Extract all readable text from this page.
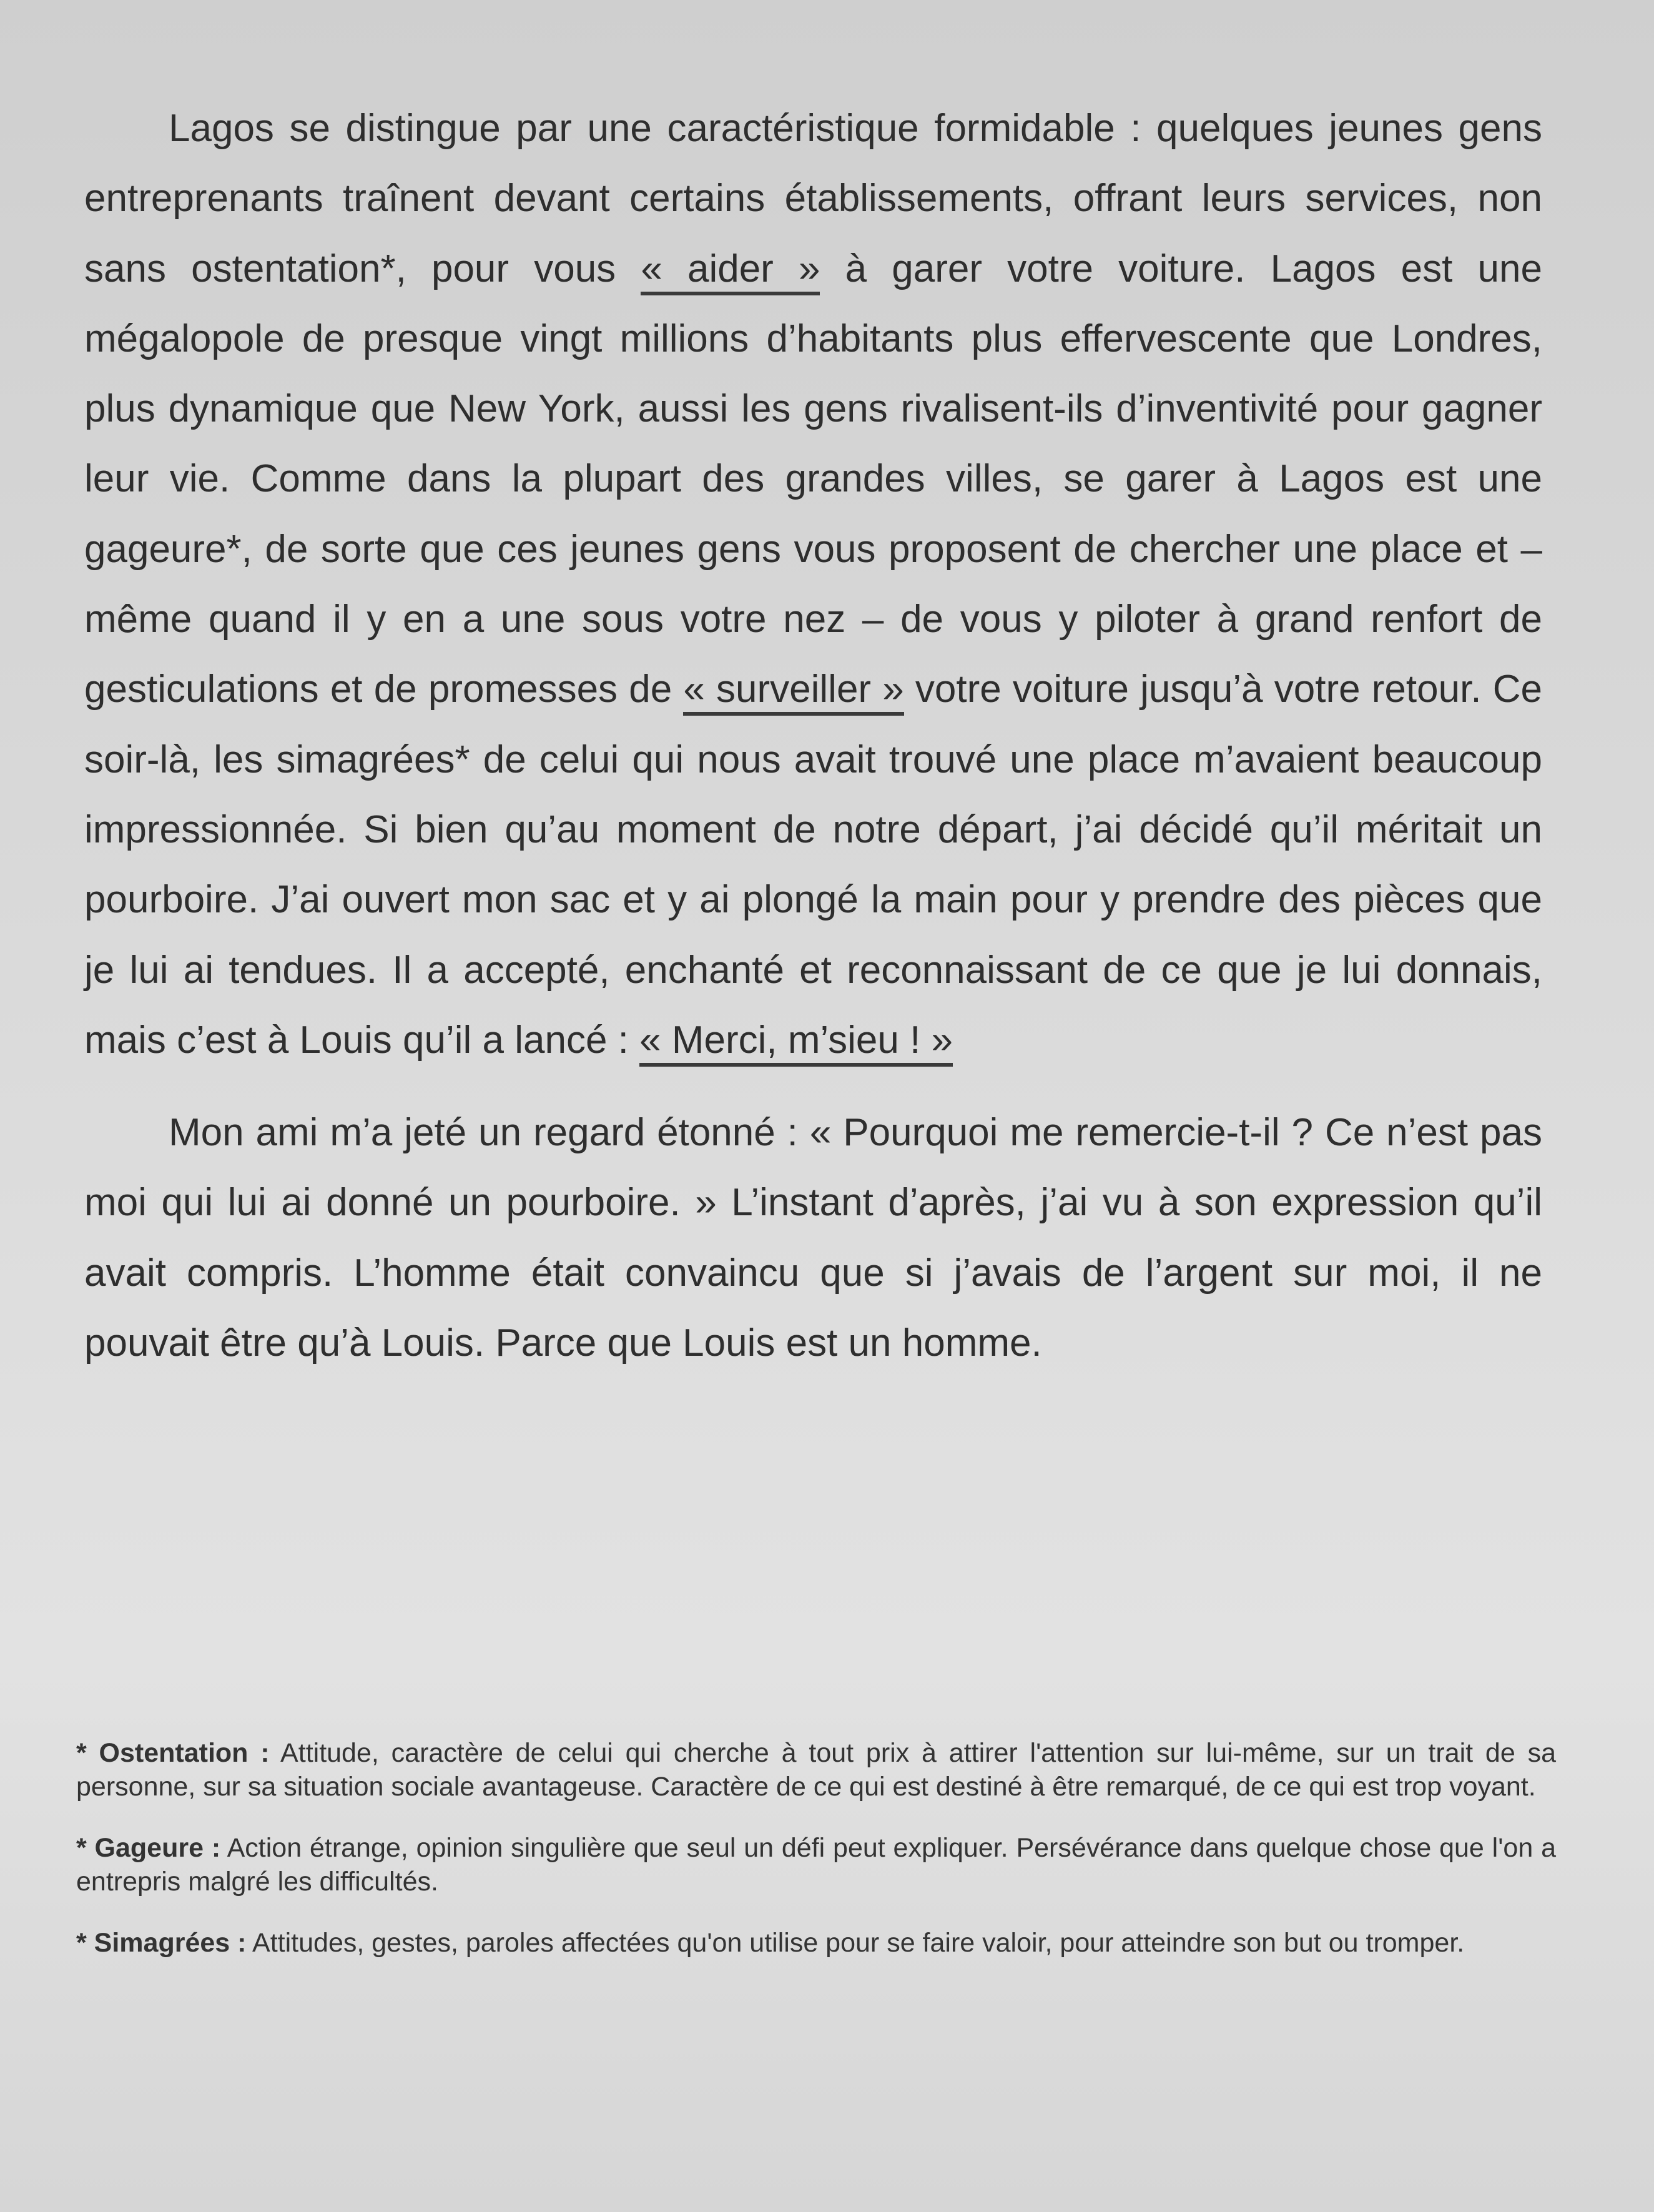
Lagos se distingue par une caractéristique formidable : quelques jeunes gens entreprenants traînent devant certains établissements, offrant leurs services, non sans ostentation*, pour vous « aider » à garer votre voiture. Lagos est une mégalopole de presque vingt millions d’habitants plus effervescente que Londres, plus dynamique que New York, aussi les gens rivalisent-ils d’inventivité pour gagner leur vie. Comme dans la plupart des grandes villes, se garer à Lagos est une gageure*, de sorte que ces jeunes gens vous proposent de chercher une place et – même quand il y en a une sous votre nez – de vous y piloter à grand renfort de gesticulations et de promesses de « surveiller » votre voiture jusqu’à votre retour. Ce soir-là, les simagrées* de celui qui nous avait trouvé une place m’avaient beaucoup impressionnée. Si bien qu’au moment de notre départ, j’ai décidé qu’il méritait un pourboire. J’ai ouvert mon sac et y ai plongé la main pour y prendre des pièces que je lui ai tendues. Il a accepté, enchanté et reconnaissant de ce que je lui donnais, mais c’est à Louis qu’il a lancé : « Merci, m’sieu ! »

Mon ami m’a jeté un regard étonné : « Pourquoi me remercie-t-il ? Ce n’est pas moi qui lui ai donné un pourboire. » L’instant d’après, j’ai vu à son expression qu’il avait compris. L’homme était convaincu que si j’avais de l’argent sur moi, il ne pouvait être qu’à Louis. Parce que Louis est un homme.

* Ostentation : Attitude, caractère de celui qui cherche à tout prix à attirer l'attention sur lui-même, sur un trait de sa personne, sur sa situation sociale avantageuse. Caractère de ce qui est destiné à être remarqué, de ce qui est trop voyant.

* Gageure : Action étrange, opinion singulière que seul un défi peut expliquer. Persévérance dans quelque chose que l'on a entrepris malgré les difficultés.

* Simagrées : Attitudes, gestes, paroles affectées qu'on utilise pour se faire valoir, pour atteindre son but ou tromper.
